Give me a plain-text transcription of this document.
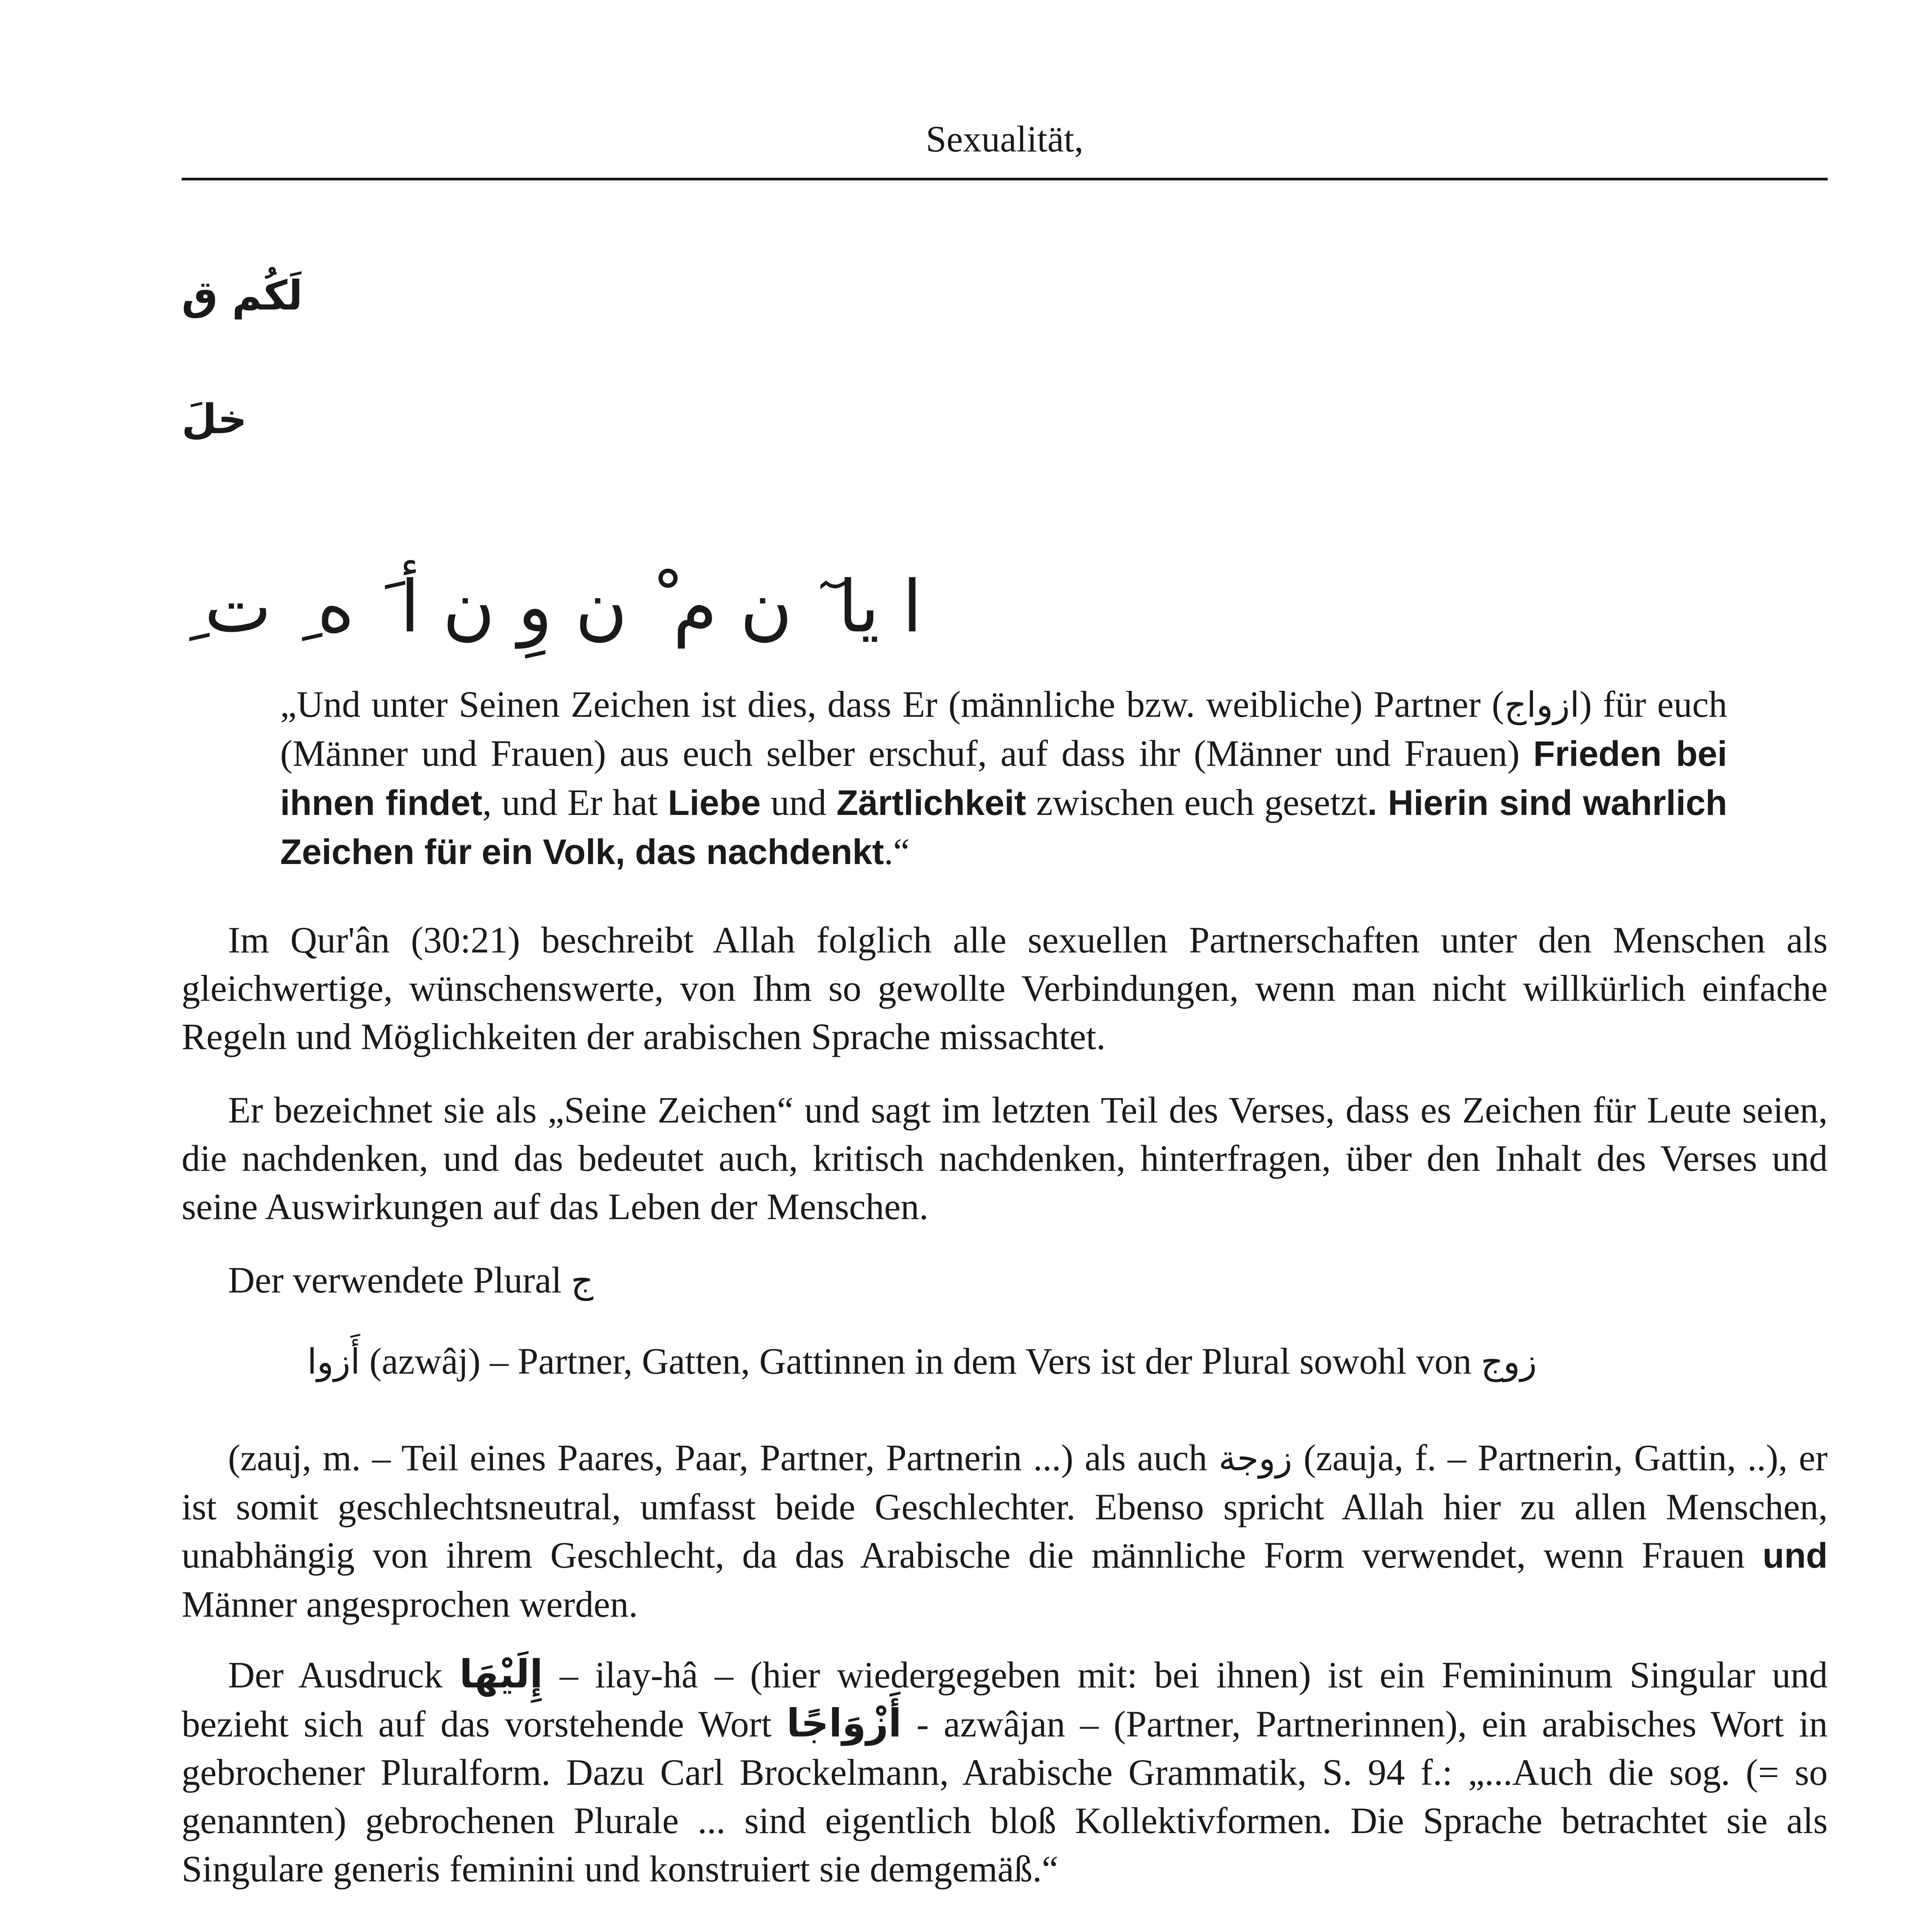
Sexualität,
لَكُم ق
خلَ
ا يا ٓ ن م ْ ن وِ ن أ َ ه ِ ت ِ

„Und unter Seinen Zeichen ist dies, dass Er (männliche bzw. weibliche) Partner (ازواج) für euch (Männer und Frauen) aus euch selber erschuf, auf dass ihr (Männer und Frauen) Frieden bei ihnen findet, und Er hat Liebe und Zärtlichkeit zwischen euch gesetzt. Hierin sind wahrlich Zeichen für ein Volk, das nachdenkt.“

Im Qur'ân (30:21) beschreibt Allah folglich alle sexuellen Partnerschaften unter den Menschen als gleichwertige, wünschenswerte, von Ihm so gewollte Verbindungen, wenn man nicht willkürlich einfache Regeln und Möglichkeiten der arabischen Sprache missachtet.

Er bezeichnet sie als „Seine Zeichen“ und sagt im letzten Teil des Verses, dass es Zeichen für Leute seien, die nachdenken, und das bedeutet auch, kritisch nachdenken, hinterfragen, über den Inhalt des Verses und seine Auswirkungen auf das Leben der Menschen.

Der verwendete Plural ج

أَزوا (azwâj) – Partner, Gatten, Gattinnen in dem Vers ist der Plural sowohl von زوج

(zauj, m. – Teil eines Paares, Paar, Partner, Partnerin ...) als auch زوجة (zauja, f. – Partnerin, Gattin, ..), er ist somit geschlechtsneutral, umfasst beide Geschlechter. Ebenso spricht Allah hier zu allen Menschen, unabhängig von ihrem Geschlecht, da das Arabische die männliche Form verwendet, wenn Frauen und Männer angesprochen werden.

Der Ausdruck إِلَيْهَا – ilay-hâ – (hier wiedergegeben mit: bei ihnen) ist ein Femininum Singular und bezieht sich auf das vorstehende Wort أَزْوَاجًا - azwâjan – (Partner, Partnerinnen), ein arabisches Wort in gebrochener Pluralform. Dazu Carl Brockelmann, Arabische Grammatik, S. 94 f.: „...Auch die sog. (= so genannten) gebrochenen Plurale ... sind eigentlich bloß Kollektivformen. Die Sprache betrachtet sie als Singulare generis feminini und konstruiert sie demgemäß.“
